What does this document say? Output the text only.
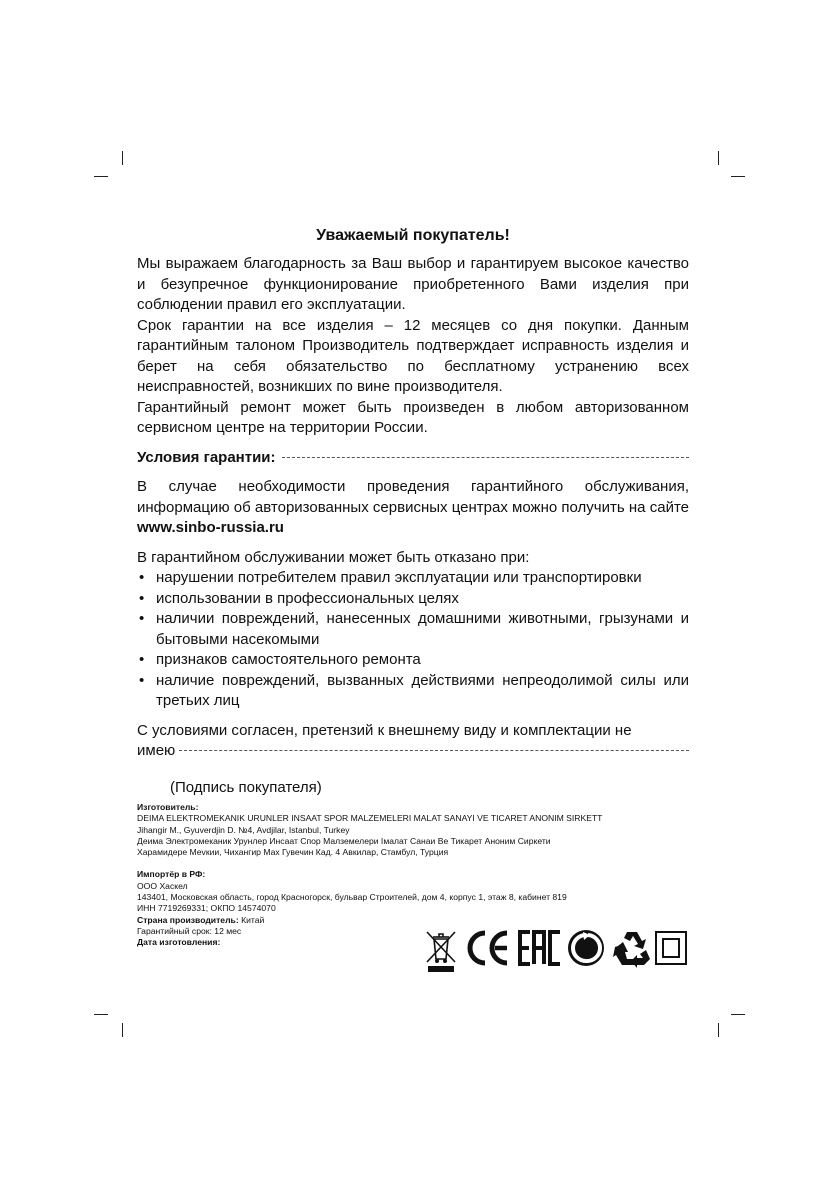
Уважаемый покупатель!

Мы выражаем благодарность за Ваш выбор и гарантируем высокое качество и безупречное функционирование приобретенного Вами изделия при соблюдении правил его эксплуатации.

Срок гарантии на все изделия – 12 месяцев со дня покупки. Данным гарантийным талоном Производитель подтверждает исправность изделия и берет на себя обязательство по бесплатному устранению всех неисправностей, возникших по вине производителя.

Гарантийный ремонт может быть произведен в любом авторизованном сервисном центре на территории России.

Условия гарантии:

В случае необходимости проведения гарантийного обслуживания, информацию об авторизованных сервисных центрах можно получить на сайте www.sinbo-russia.ru

В гарантийном обслуживании может быть отказано при:

• нарушении потребителем правил эксплуатации или транспортировки
• использовании в профессиональных целях
• наличии повреждений, нанесенных домашними животными, грызунами и бытовыми насекомыми
• признаков самостоятельного ремонта
• наличие повреждений, вызванных действиями непреодолимой силы или третьих лиц

С условиями согласен, претензий к внешнему виду и комплектации не

имею
(Подпись покупателя)
Изготовитель:
DEIMA ELEKTROMEKANIK URUNLER INSAAT SPOR MALZEMELERI MALAT SANAYI VE TICARET ANONIM SIRKETT
Jihangir M., Gyuverdjin D. №4, Avdjilar, Istanbul, Turkey
Деима Электромеканик Урунлер Инсаат Спор Малземелери Імалат Санаи Ве Тикарет Аноним Сиркети
Харамидере Меvкии, Чихангир Мах Гувечин Кад. 4 Авкилар, Стамбул, Турция
Импортёр в РФ:
ООО Хаскел
143401, Московская область, город Красногорск, бульвар Строителей, дом 4, корпус 1, этаж 8, кабинет 819
ИНН 7719269331; ОКПО 14574070
Страна производитель: Китай
Гарантийный срок: 12 мес
Дата изготовления:
